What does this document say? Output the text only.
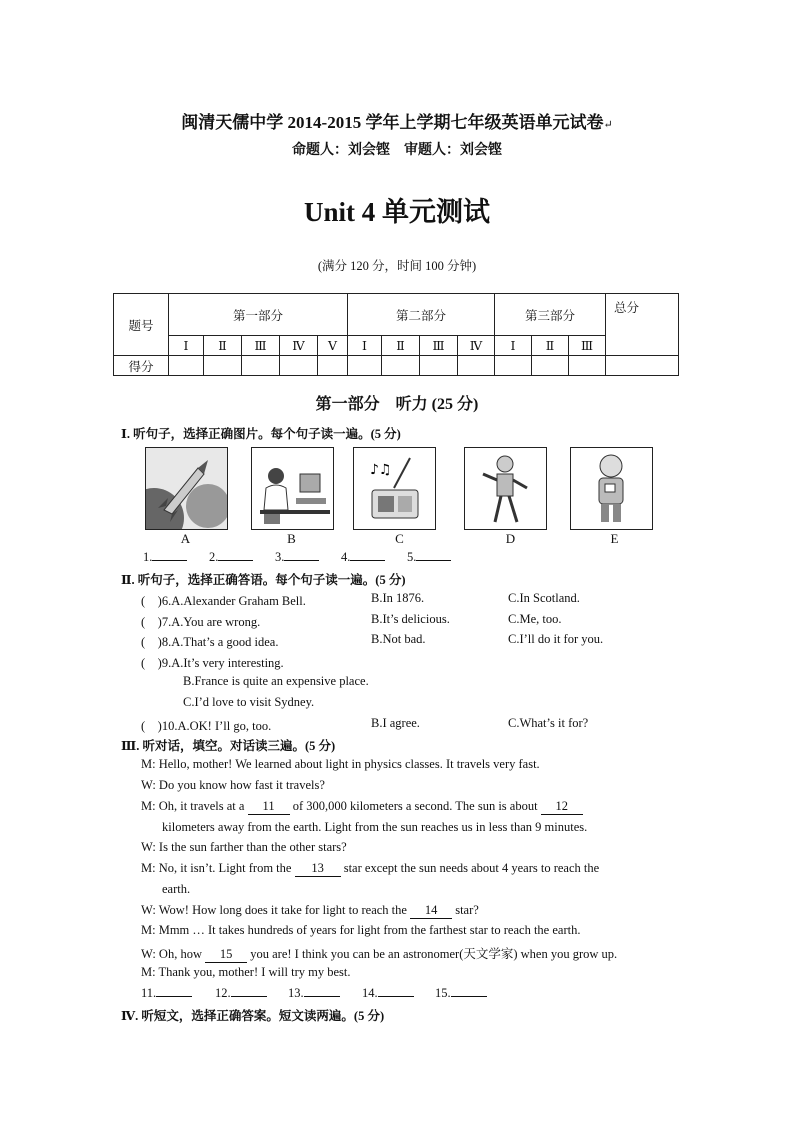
闽清天儒中学 2014-2015 学年上学期七年级英语单元试卷↵
命题人：刘会铿　审题人：刘会铿
Unit 4 单元测试
(满分 120 分，时间 100 分钟)
题号	第一部分					第二部分				第三部分			总分
	Ⅰ	Ⅱ	Ⅲ	Ⅳ	Ⅴ	Ⅰ	Ⅱ	Ⅲ	Ⅳ	Ⅰ	Ⅱ	Ⅲ	
得分													
第一部分　听力 (25 分)
Ⅰ. 听句子，选择正确图片。每个句子读一遍。(5 分)
♪♫
A	B	C	D	E
1.	2.	3.	4.	5.
Ⅱ. 听句子，选择正确答语。每个句子读一遍。(5 分)
(　)6.A.Alexander Graham Bell.	B.In 1876.	C.In Scotland.
(　)7.A.You are wrong.	B.It’s delicious.	C.Me, too.
(　)8.A.That’s a good idea.	B.Not bad.	C.I’ll do it for you.
(　)9.A.It’s very interesting.
B.France is quite an expensive place.
C.I’d love to visit Sydney.
(　)10.A.OK! I’ll go, too.	B.I agree.	C.What’s it for?
Ⅲ. 听对话，填空。对话读三遍。(5 分)
M: Hello, mother! We learned about light in physics classes. It travels very fast.
W: Do you know how fast it travels?
M: Oh, it travels at a 11 of 300,000 kilometers a second. The sun is about 12
kilometers away from the earth. Light from the sun reaches us in less than 9 minutes.
W: Is the sun farther than the other stars?
M: No, it isn’t. Light from the 13 star except the sun needs about 4 years to reach the
earth.
W: Wow! How long does it take for light to reach the 14 star?
M: Mmm … It takes hundreds of years for light from the farthest star to reach the earth.
W: Oh, how 15 you are! I think you can be an astronomer(天文学家) when you grow up.
M: Thank you, mother! I will try my best.
11.	12.	13.	14.	15.
Ⅳ. 听短文，选择正确答案。短文读两遍。(5 分)
